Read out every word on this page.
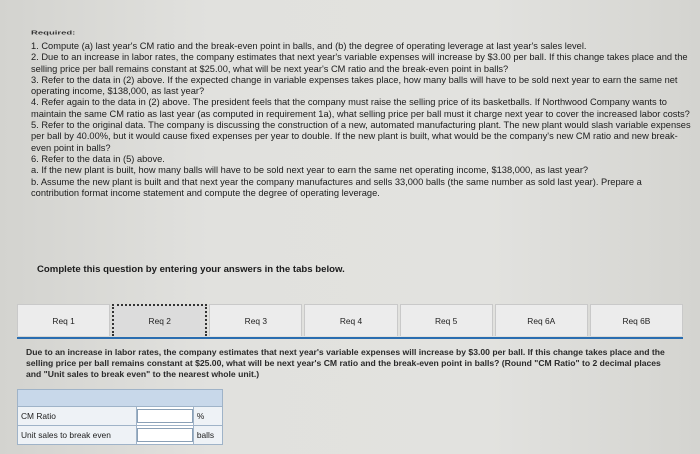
Required:

1. Compute (a) last year's CM ratio and the break-even point in balls, and (b) the degree of operating leverage at last year's sales level.

2. Due to an increase in labor rates, the company estimates that next year's variable expenses will increase by $3.00 per ball. If this change takes place and the selling price per ball remains constant at $25.00, what will be next year's CM ratio and the break-even point in balls?

3. Refer to the data in (2) above. If the expected change in variable expenses takes place, how many balls will have to be sold next year to earn the same net operating income, $138,000, as last year?

4. Refer again to the data in (2) above. The president feels that the company must raise the selling price of its basketballs. If Northwood Company wants to maintain the same CM ratio as last year (as computed in requirement 1a), what selling price per ball must it charge next year to cover the increased labor costs?

5. Refer to the original data. The company is discussing the construction of a new, automated manufacturing plant. The new plant would slash variable expenses per ball by 40.00%, but it would cause fixed expenses per year to double. If the new plant is built, what would be the company's new CM ratio and new break-even point in balls?

6. Refer to the data in (5) above.

a. If the new plant is built, how many balls will have to be sold next year to earn the same net operating income, $138,000, as last year?

b. Assume the new plant is built and that next year the company manufactures and sells 33,000 balls (the same number as sold last year). Prepare a contribution format income statement and compute the degree of operating leverage.

Complete this question by entering your answers in the tabs below.
Req 1	Req 2	Req 3	Req 4	Req 5	Req 6A	Req 6B
Due to an increase in labor rates, the company estimates that next year's variable expenses will increase by $3.00 per ball. If this change takes place and the selling price per ball remains constant at $25.00, what will be next year's CM ratio and the break-even point in balls? (Round "CM Ratio" to 2 decimal places and "Unit sales to break even" to the nearest whole unit.)

CM Ratio		%
Unit sales to break even		balls
